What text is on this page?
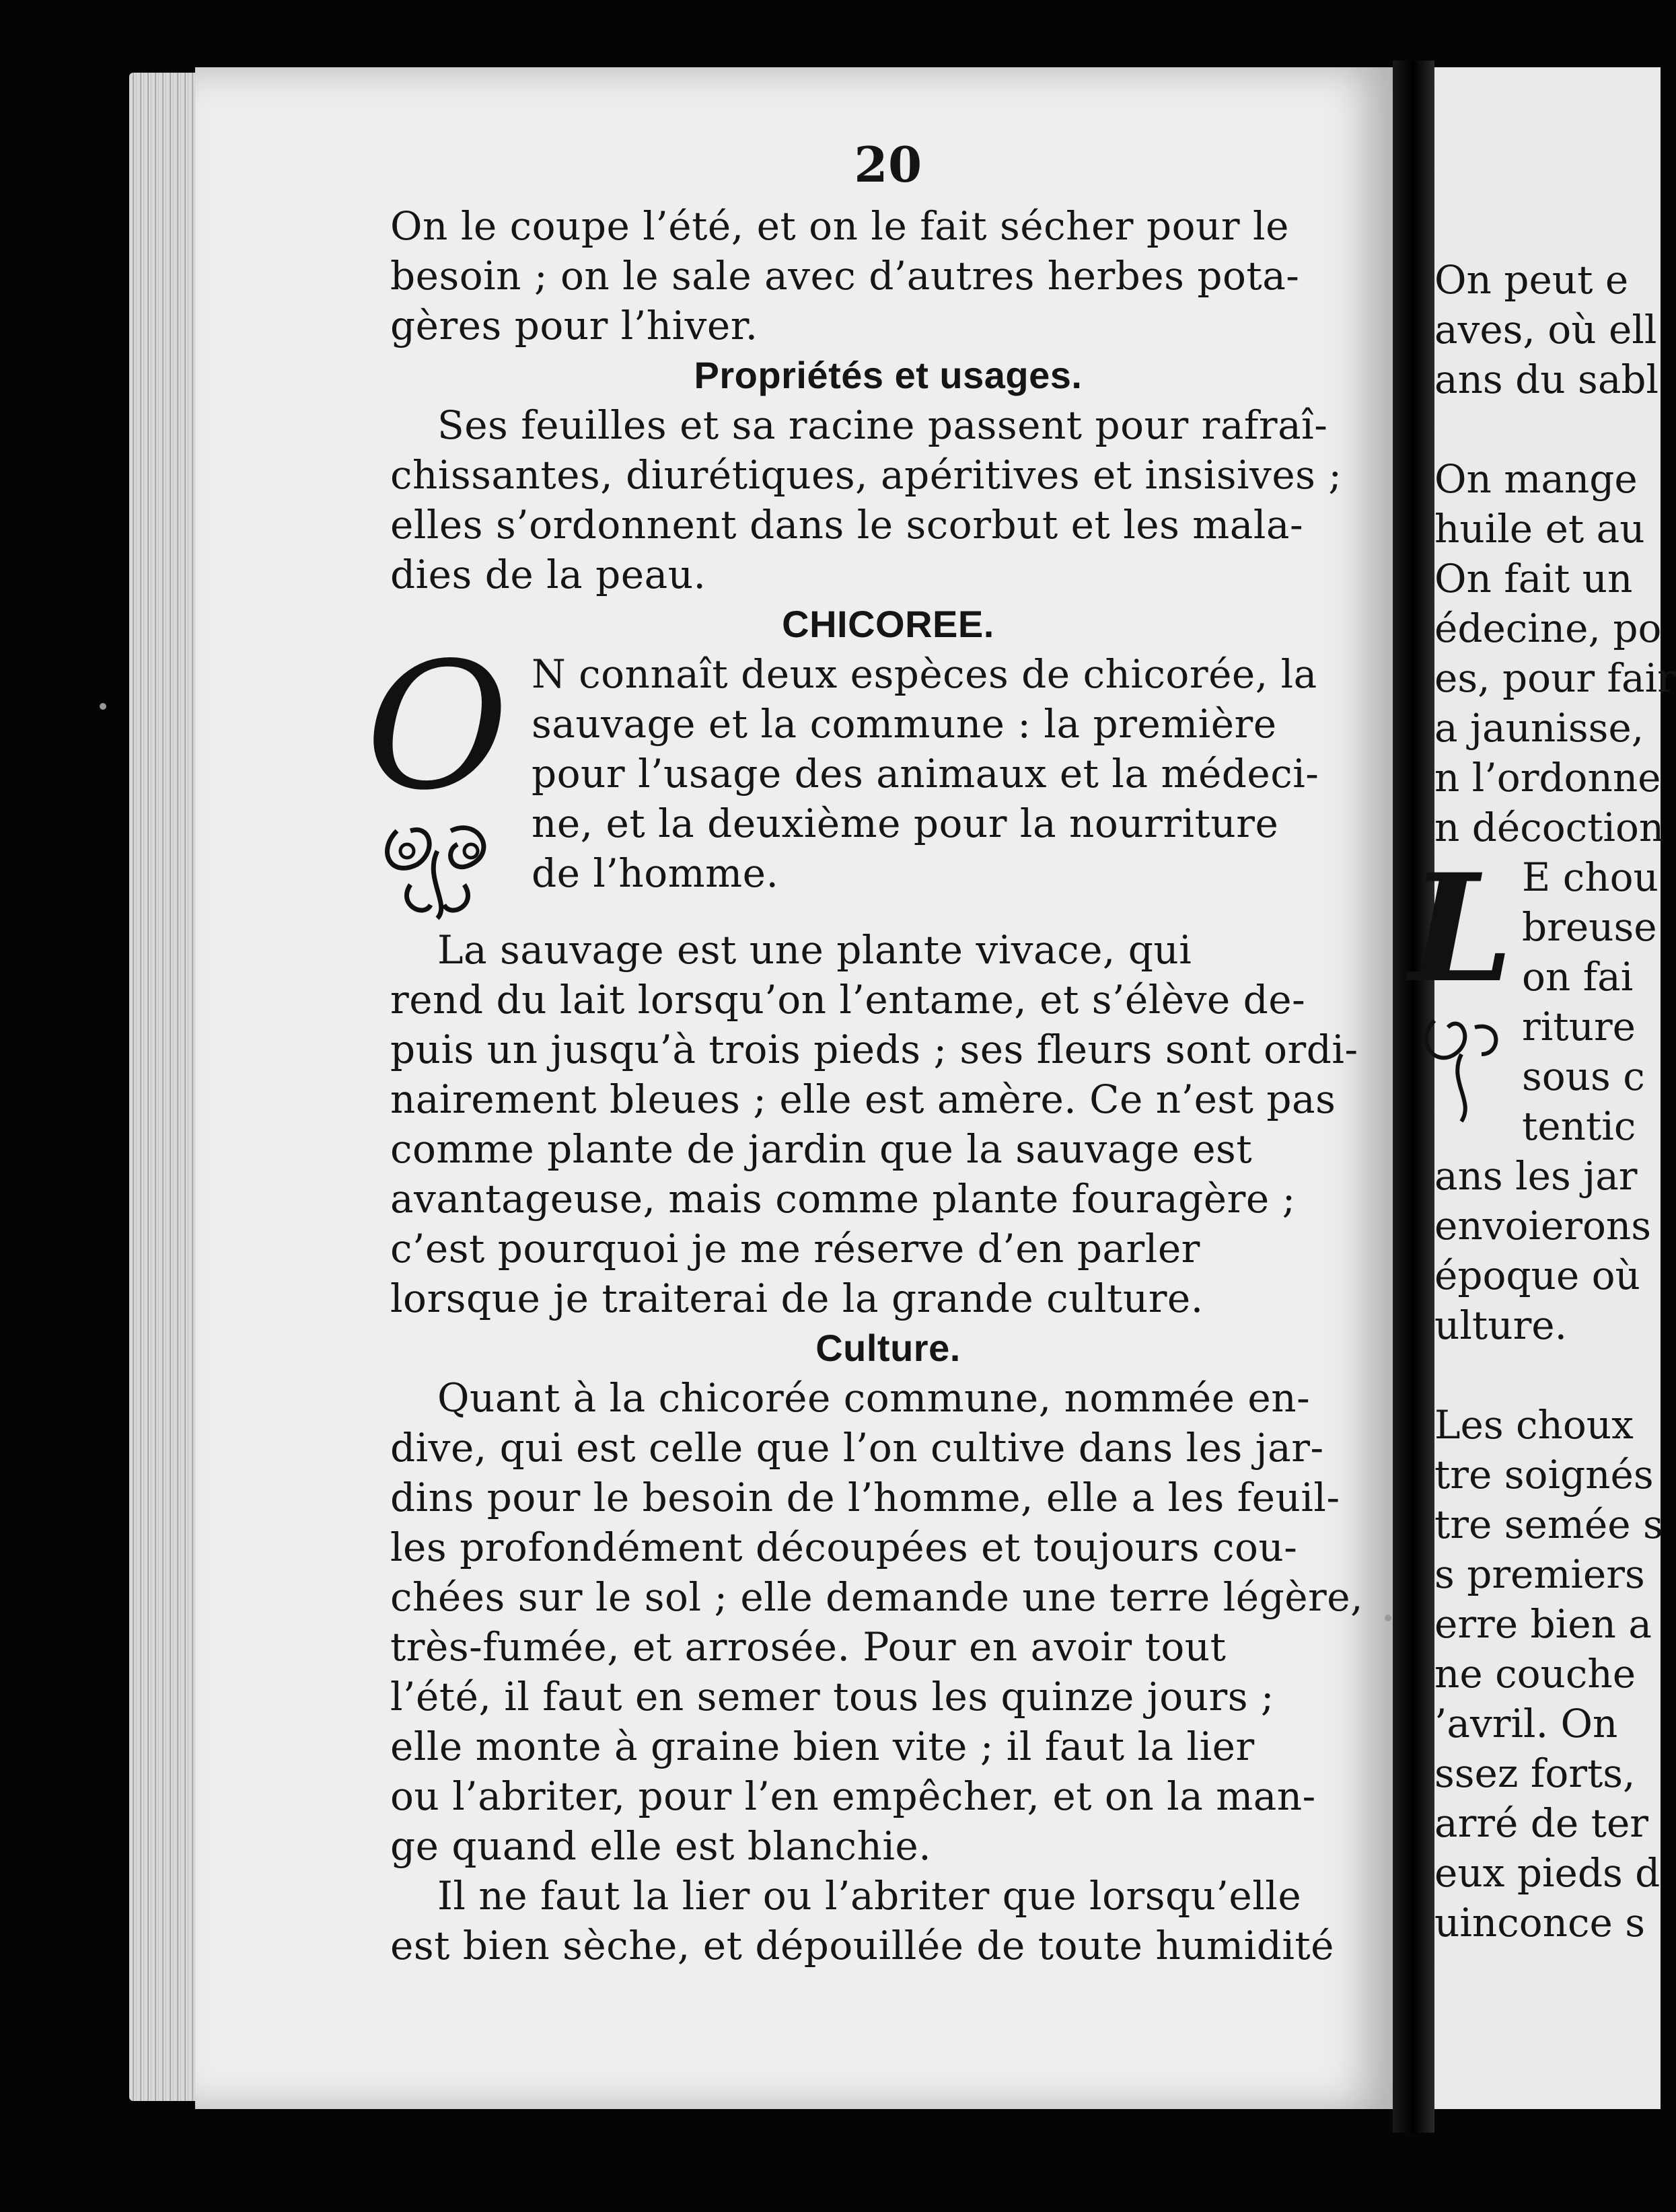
20
On le coupe l’été, et on le fait sécher pour le
besoin ; on le sale avec d’autres herbes pota-
gères pour l’hiver.
Propriétés et usages.
Ses feuilles et sa racine passent pour rafraî-
chissantes, diurétiques, apéritives et insisives ;
elles s’ordonnent dans le scorbut et les mala-
dies de la peau.
CHICOREE.
O N connaît deux espèces de chicorée, la
sauvage et la commune : la première
pour l’usage des animaux et la médeci-
ne, et la deuxième pour la nourriture
de l’homme.
La sauvage est une plante vivace, qui
rend du lait lorsqu’on l’entame, et s’élève de-
puis un jusqu’à trois pieds ; ses fleurs sont ordi-
nairement bleues ; elle est amère. Ce n’est pas
comme plante de jardin que la sauvage est
avantageuse, mais comme plante fouragère ;
c’est pourquoi je me réserve d’en parler
lorsque je traiterai de la grande culture.
Culture.
Quant à la chicorée commune, nommée en-
dive, qui est celle que l’on cultive dans les jar-
dins pour le besoin de l’homme, elle a les feuil-
les profondément découpées et toujours cou-
chées sur le sol ; elle demande une terre légère,
très-fumée, et arrosée. Pour en avoir tout
l’été, il faut en semer tous les quinze jours ;
elle monte à graine bien vite ; il faut la lier
ou l’abriter, pour l’en empêcher, et on la man-
ge quand elle est blanchie.
Il ne faut la lier ou l’abriter que lorsqu’elle
est bien sèche, et dépouillée de toute humidité
On peut e
aves, où ell
ans du sabl
On mange
huile et au
On fait un
édecine, po
es, pour fair
a jaunisse,
n l’ordonne
n décoction
L E chou
breuse
on fai
riture
sous c
tentic
ans les jar
envoierons
époque où
ulture.
Les choux
tre soignés
tre semée s
s premiers
erre bien a
ne couche
’avril. On
ssez forts,
arré de ter
eux pieds d
uinconce s
